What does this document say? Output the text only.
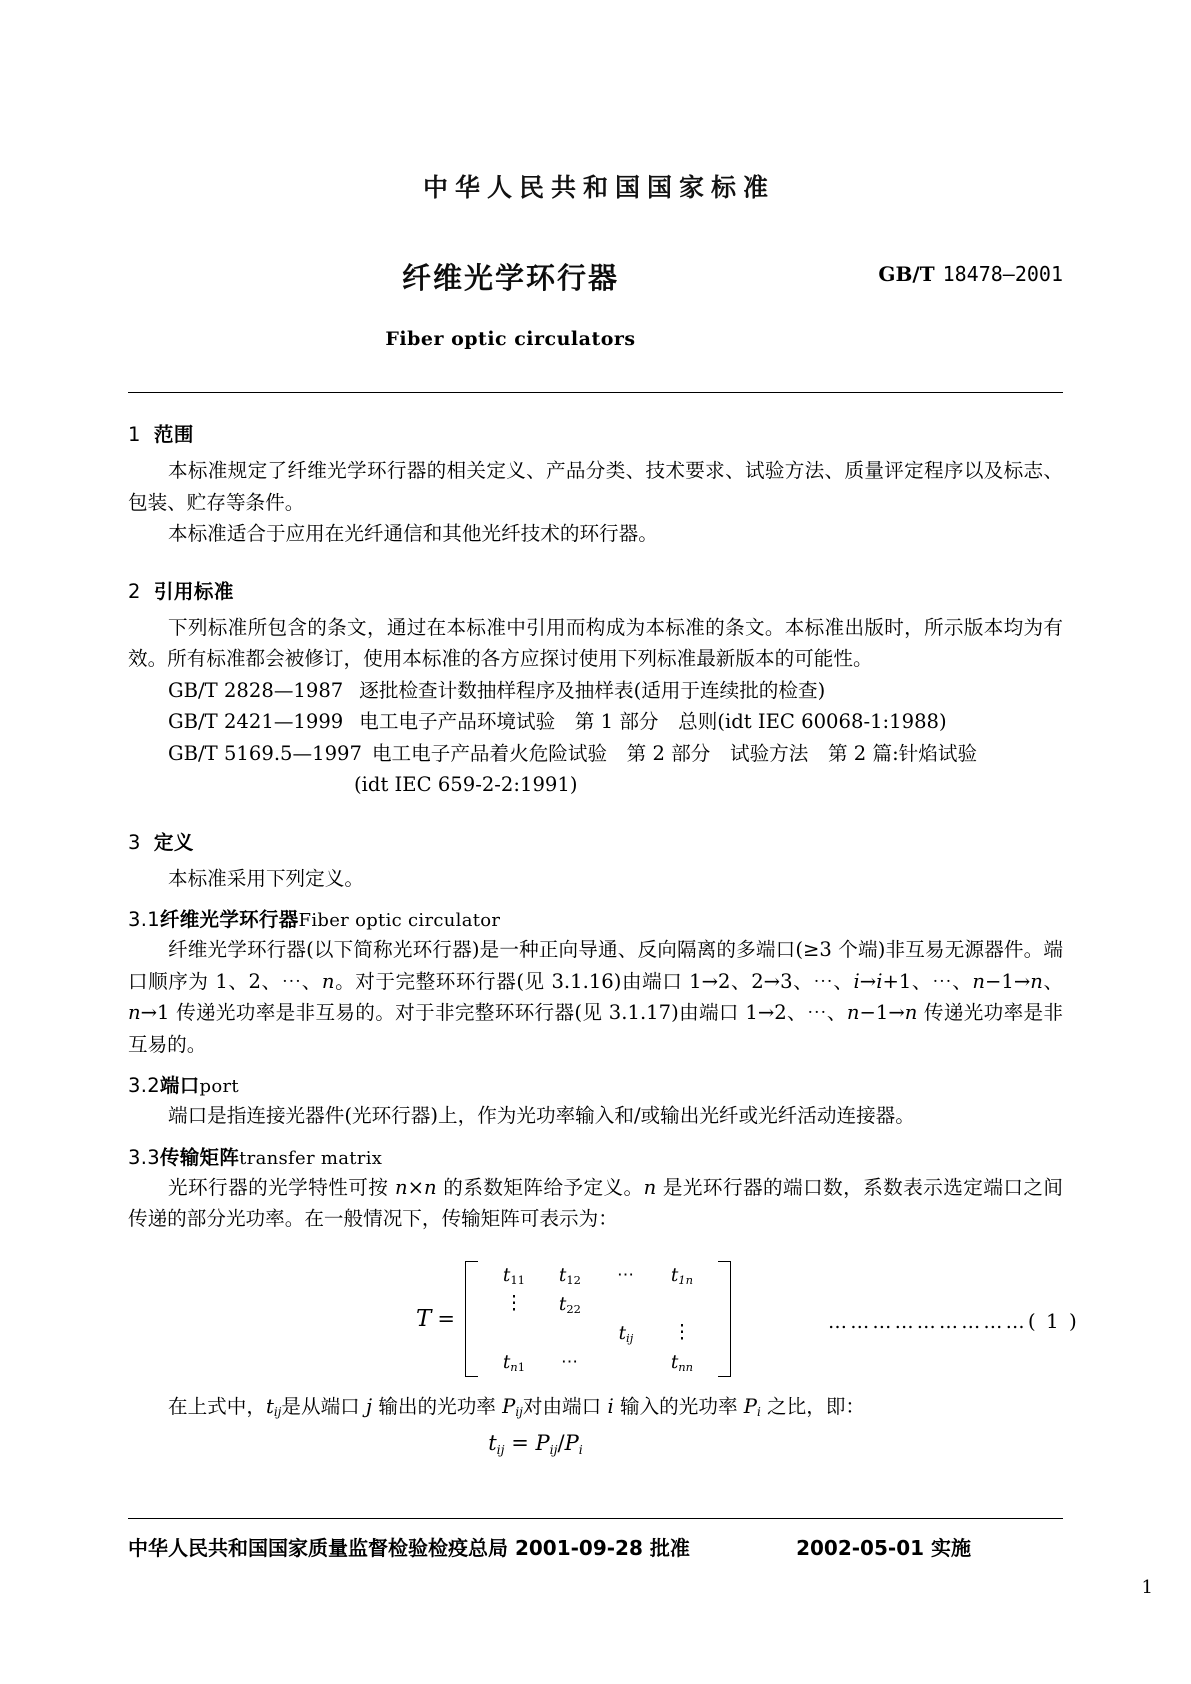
中华人民共和国国家标准
纤维光学环行器	GB/T 18478—2001
Fiber optic circulators
1 范围

本标准规定了纤维光学环行器的相关定义、产品分类、技术要求、试验方法、质量评定程序以及标志、包装、贮存等条件。

本标准适合于应用在光纤通信和其他光纤技术的环行器。

2 引用标准

下列标准所包含的条文，通过在本标准中引用而构成为本标准的条文。本标准出版时，所示版本均为有效。所有标准都会被修订，使用本标准的各方应探讨使用下列标准最新版本的可能性。

GB/T 2828—1987 逐批检查计数抽样程序及抽样表(适用于连续批的检查)
GB/T 2421—1999 电工电子产品环境试验　第 1 部分　总则(idt IEC 60068-1:1988)
GB/T 5169.5—1997 电工电子产品着火危险试验　第 2 部分　试验方法　第 2 篇:针焰试验
(idt IEC 659-2-2:1991)
3 定义

本标准采用下列定义。

3.1纤维光学环行器Fiber optic circulator

纤维光学环行器(以下简称光环行器)是一种正向导通、反向隔离的多端口(≥3 个端)非互易无源器件。端口顺序为 1、2、⋯、n。对于完整环环行器(见 3.1.16)由端口 1→2、2→3、⋯、i→i+1、⋯、n−1→n、n→1 传递光功率是非互易的。对于非完整环环行器(见 3.1.17)由端口 1→2、⋯、n−1→n 传递光功率是非互易的。

3.2端口port

端口是指连接光器件(光环行器)上，作为光功率输入和/或输出光纤或光纤活动连接器。

3.3传输矩阵transfer matrix

光环行器的光学特性可按 n×n 的系数矩阵给予定义。n 是光环行器的端口数，系数表示选定端口之间传递的部分光功率。在一般情况下，传输矩阵可表示为：

T =
$t_{11}$	$t_{12}$	⋯	$t_{1n}$
⋮	$t_{22}$		
		$t_{ij}$	⋮
$t_{n1}$	⋯		$t_{nn}$
………………………( 1 )

在上式中，$t_{ij}$是从端口 j 输出的光功率 $P_{ij}$对由端口 i 输入的光功率 $P_i$ 之比，即：

$t_{ij} = P_{ij}/P_i$
中华人民共和国国家质量监督检验检疫总局 2001-09-28 批准	2002-05-01 实施
1
